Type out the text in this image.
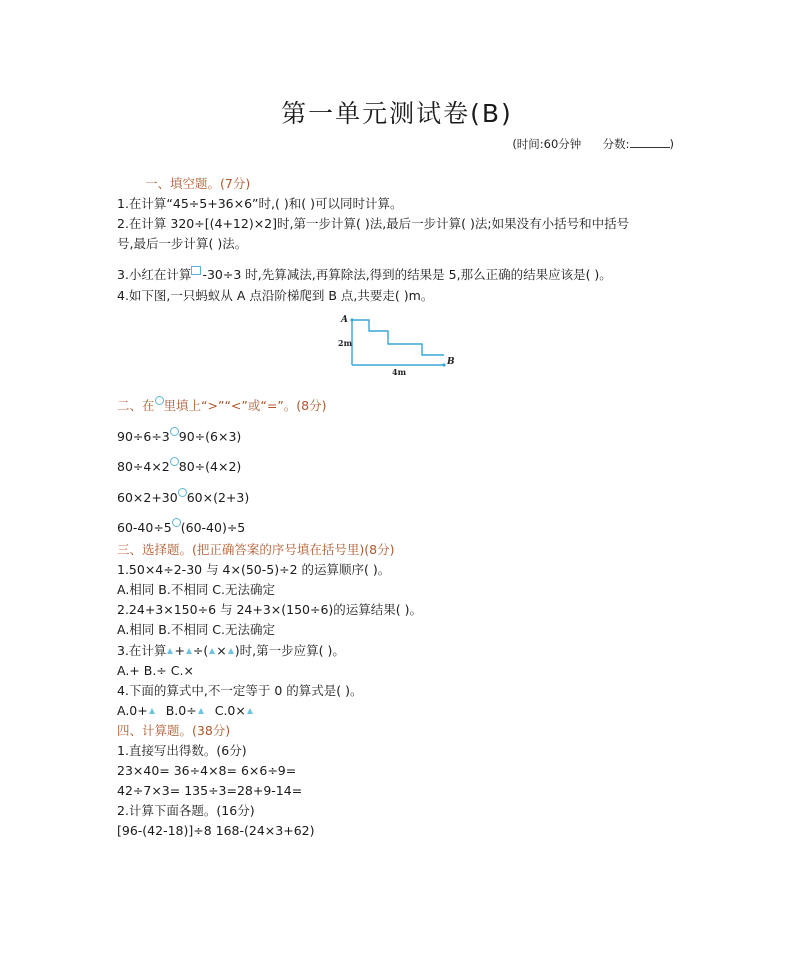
第一单元测试卷(B)
(时间:60分钟 分数:	)
一、填空题。(7分)
1.在计算“45÷5+36×6”时,( )和( )可以同时计算。
2.在计算 320÷[(4+12)×2]时,第一步计算( )法,最后一步计算( )法;如果没有小括号和中括号
号,最后一步计算( )法。
3.小红在计算 -30÷3 时,先算减法,再算除法,得到的结果是 5,那么正确的结果应该是( )。
4.如下图,一只蚂蚁从 A 点沿阶梯爬到 B 点,共要走( )m。
A
B
2m
4m
二、在 里填上“>”“<”或“=”。(8分)
90÷6÷3 90÷(6×3)
80÷4×2 80÷(4×2)
60×2+30 60×(2+3)
60-40÷5 (60-40)÷5
三、选择题。(把正确答案的序号填在括号里)(8分)
1.50×4÷2-30 与 4×(50-5)÷2 的运算顺序( )。
A.相同 B.不相同 C.无法确定
2.24+3×150÷6 与 24+3×(150÷6)的运算结果( )。
A.相同 B.不相同 C.无法确定
3.在计算 + ÷( × )时,第一步应算( )。
A.+ B.÷ C.×
4.下面的算式中,不一定等于 0 的算式是( )。
A.0+ B.0÷ C.0×
四、计算题。(38分)
1.直接写出得数。(6分)
23×40= 36÷4×8= 6×6÷9=
42÷7×3= 135÷3=28+9-14=
2.计算下面各题。(16分)
[96-(42-18)]÷8 168-(24×3+62)
